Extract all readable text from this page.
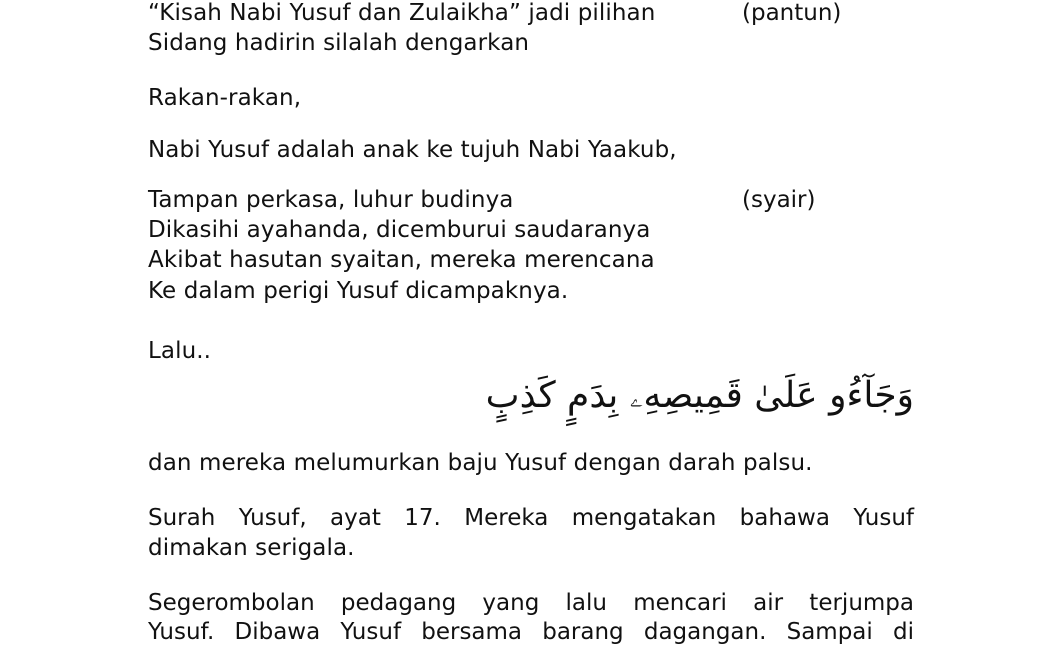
“Kisah Nabi Yusuf dan Zulaikha” jadi pilihan	(pantun)
Sidang hadirin silalah dengarkan
Rakan-rakan,
Nabi Yusuf adalah anak ke tujuh Nabi Yaakub,
Tampan perkasa, luhur budinya	(syair)
Dikasihi ayahanda, dicemburui saudaranya
Akibat hasutan syaitan, mereka merencana
Ke dalam perigi Yusuf dicampaknya.
Lalu..
وَجَآءُو عَلَىٰ قَمِيصِهِۦ بِدَمٍ كَذِبٍ
dan mereka melumurkan baju Yusuf dengan darah palsu.
Surah Yusuf, ayat 17. Mereka mengatakan bahawa Yusuf
dimakan serigala.
Segerombolan pedagang yang lalu mencari air terjumpa
Yusuf. Dibawa Yusuf bersama barang dagangan. Sampai di
